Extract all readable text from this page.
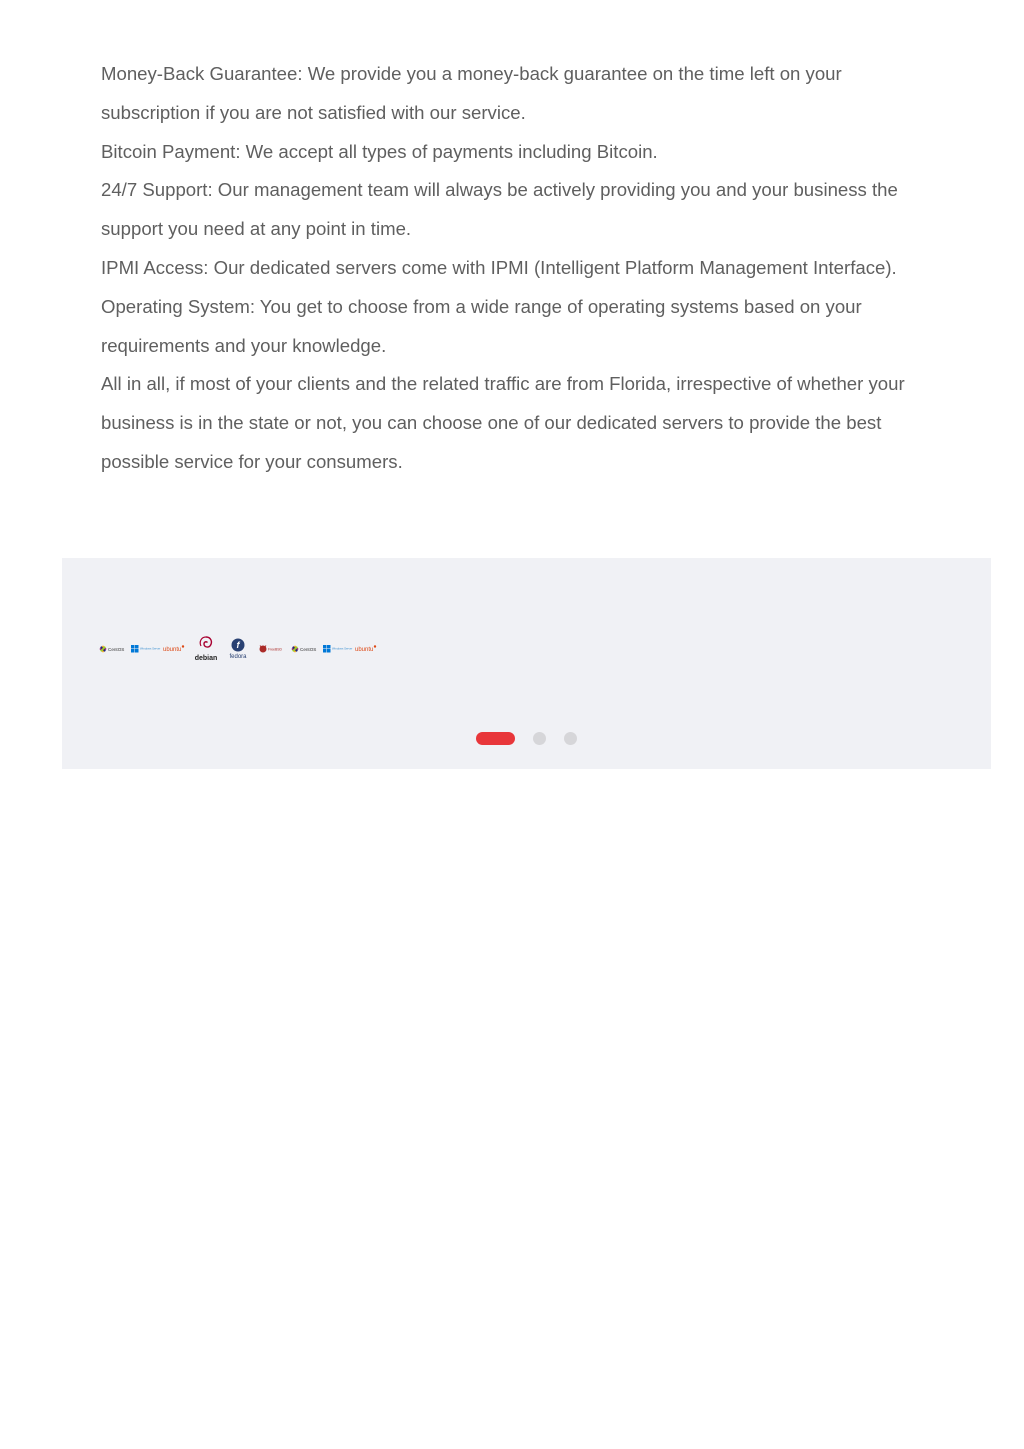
Money-Back Guarantee: We provide you a money-back guarantee on the time left on your subscription if you are not satisfied with our service.

Bitcoin Payment: We accept all types of payments including Bitcoin.

24/7 Support: Our management team will always be actively providing you and your business the support you need at any point in time.

IPMI Access: Our dedicated servers come with IPMI (Intelligent Platform Management Interface).

Operating System: You get to choose from a wide range of operating systems based on your requirements and your knowledge.

All in all, if most of your clients and the related traffic are from Florida, irrespective of whether your business is in the state or not, you can choose one of our dedicated servers to provide the best possible service for your consumers.

CentOS	Windows Server ubuntu
debian
f
fedora
FreeBSD	CentOS	Windows Server ubuntu
